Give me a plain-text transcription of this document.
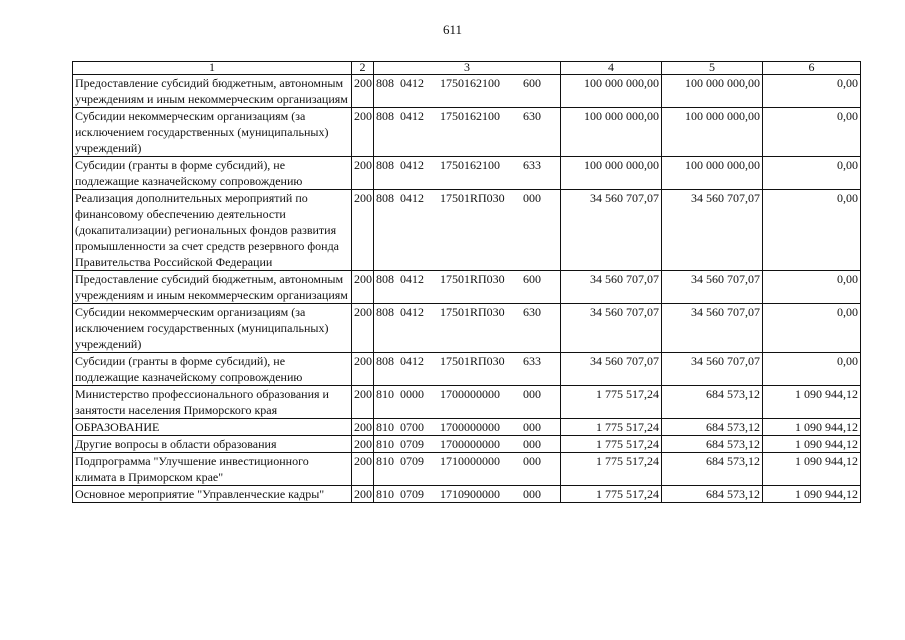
611
1	2	3	4	5	6
Предоставление субсидий бюджетным, автономным учреждениям и иным некоммерческим организациям	200	808 0412 1750162100 600	100 000 000,00	100 000 000,00	0,00
Субсидии некоммерческим организациям (за исключением государственных (муниципальных) учреждений)	200	808 0412 1750162100 630	100 000 000,00	100 000 000,00	0,00
Субсидии (гранты в форме субсидий), не подлежащие казначейскому сопровождению	200	808 0412 1750162100 633	100 000 000,00	100 000 000,00	0,00
Реализация дополнительных мероприятий по финансовому обеспечению деятельности (докапитализации) региональных фондов развития промышленности за счет средств резервного фонда Правительства Российской Федерации	200	808 0412 17501RП030 000	34 560 707,07	34 560 707,07	0,00
Предоставление субсидий бюджетным, автономным учреждениям и иным некоммерческим организациям	200	808 0412 17501RП030 600	34 560 707,07	34 560 707,07	0,00
Субсидии некоммерческим организациям (за исключением государственных (муниципальных) учреждений)	200	808 0412 17501RП030 630	34 560 707,07	34 560 707,07	0,00
Субсидии (гранты в форме субсидий), не подлежащие казначейскому сопровождению	200	808 0412 17501RП030 633	34 560 707,07	34 560 707,07	0,00
Министерство профессионального образования и занятости населения Приморского края	200	810 0000 1700000000 000	1 775 517,24	684 573,12	1 090 944,12
ОБРАЗОВАНИЕ	200	810 0700 1700000000 000	1 775 517,24	684 573,12	1 090 944,12
Другие вопросы в области образования	200	810 0709 1700000000 000	1 775 517,24	684 573,12	1 090 944,12
Подпрограмма "Улучшение инвестиционного климата в Приморском крае"	200	810 0709 1710000000 000	1 775 517,24	684 573,12	1 090 944,12
Основное мероприятие "Управленческие кадры"	200	810 0709 1710900000 000	1 775 517,24	684 573,12	1 090 944,12
